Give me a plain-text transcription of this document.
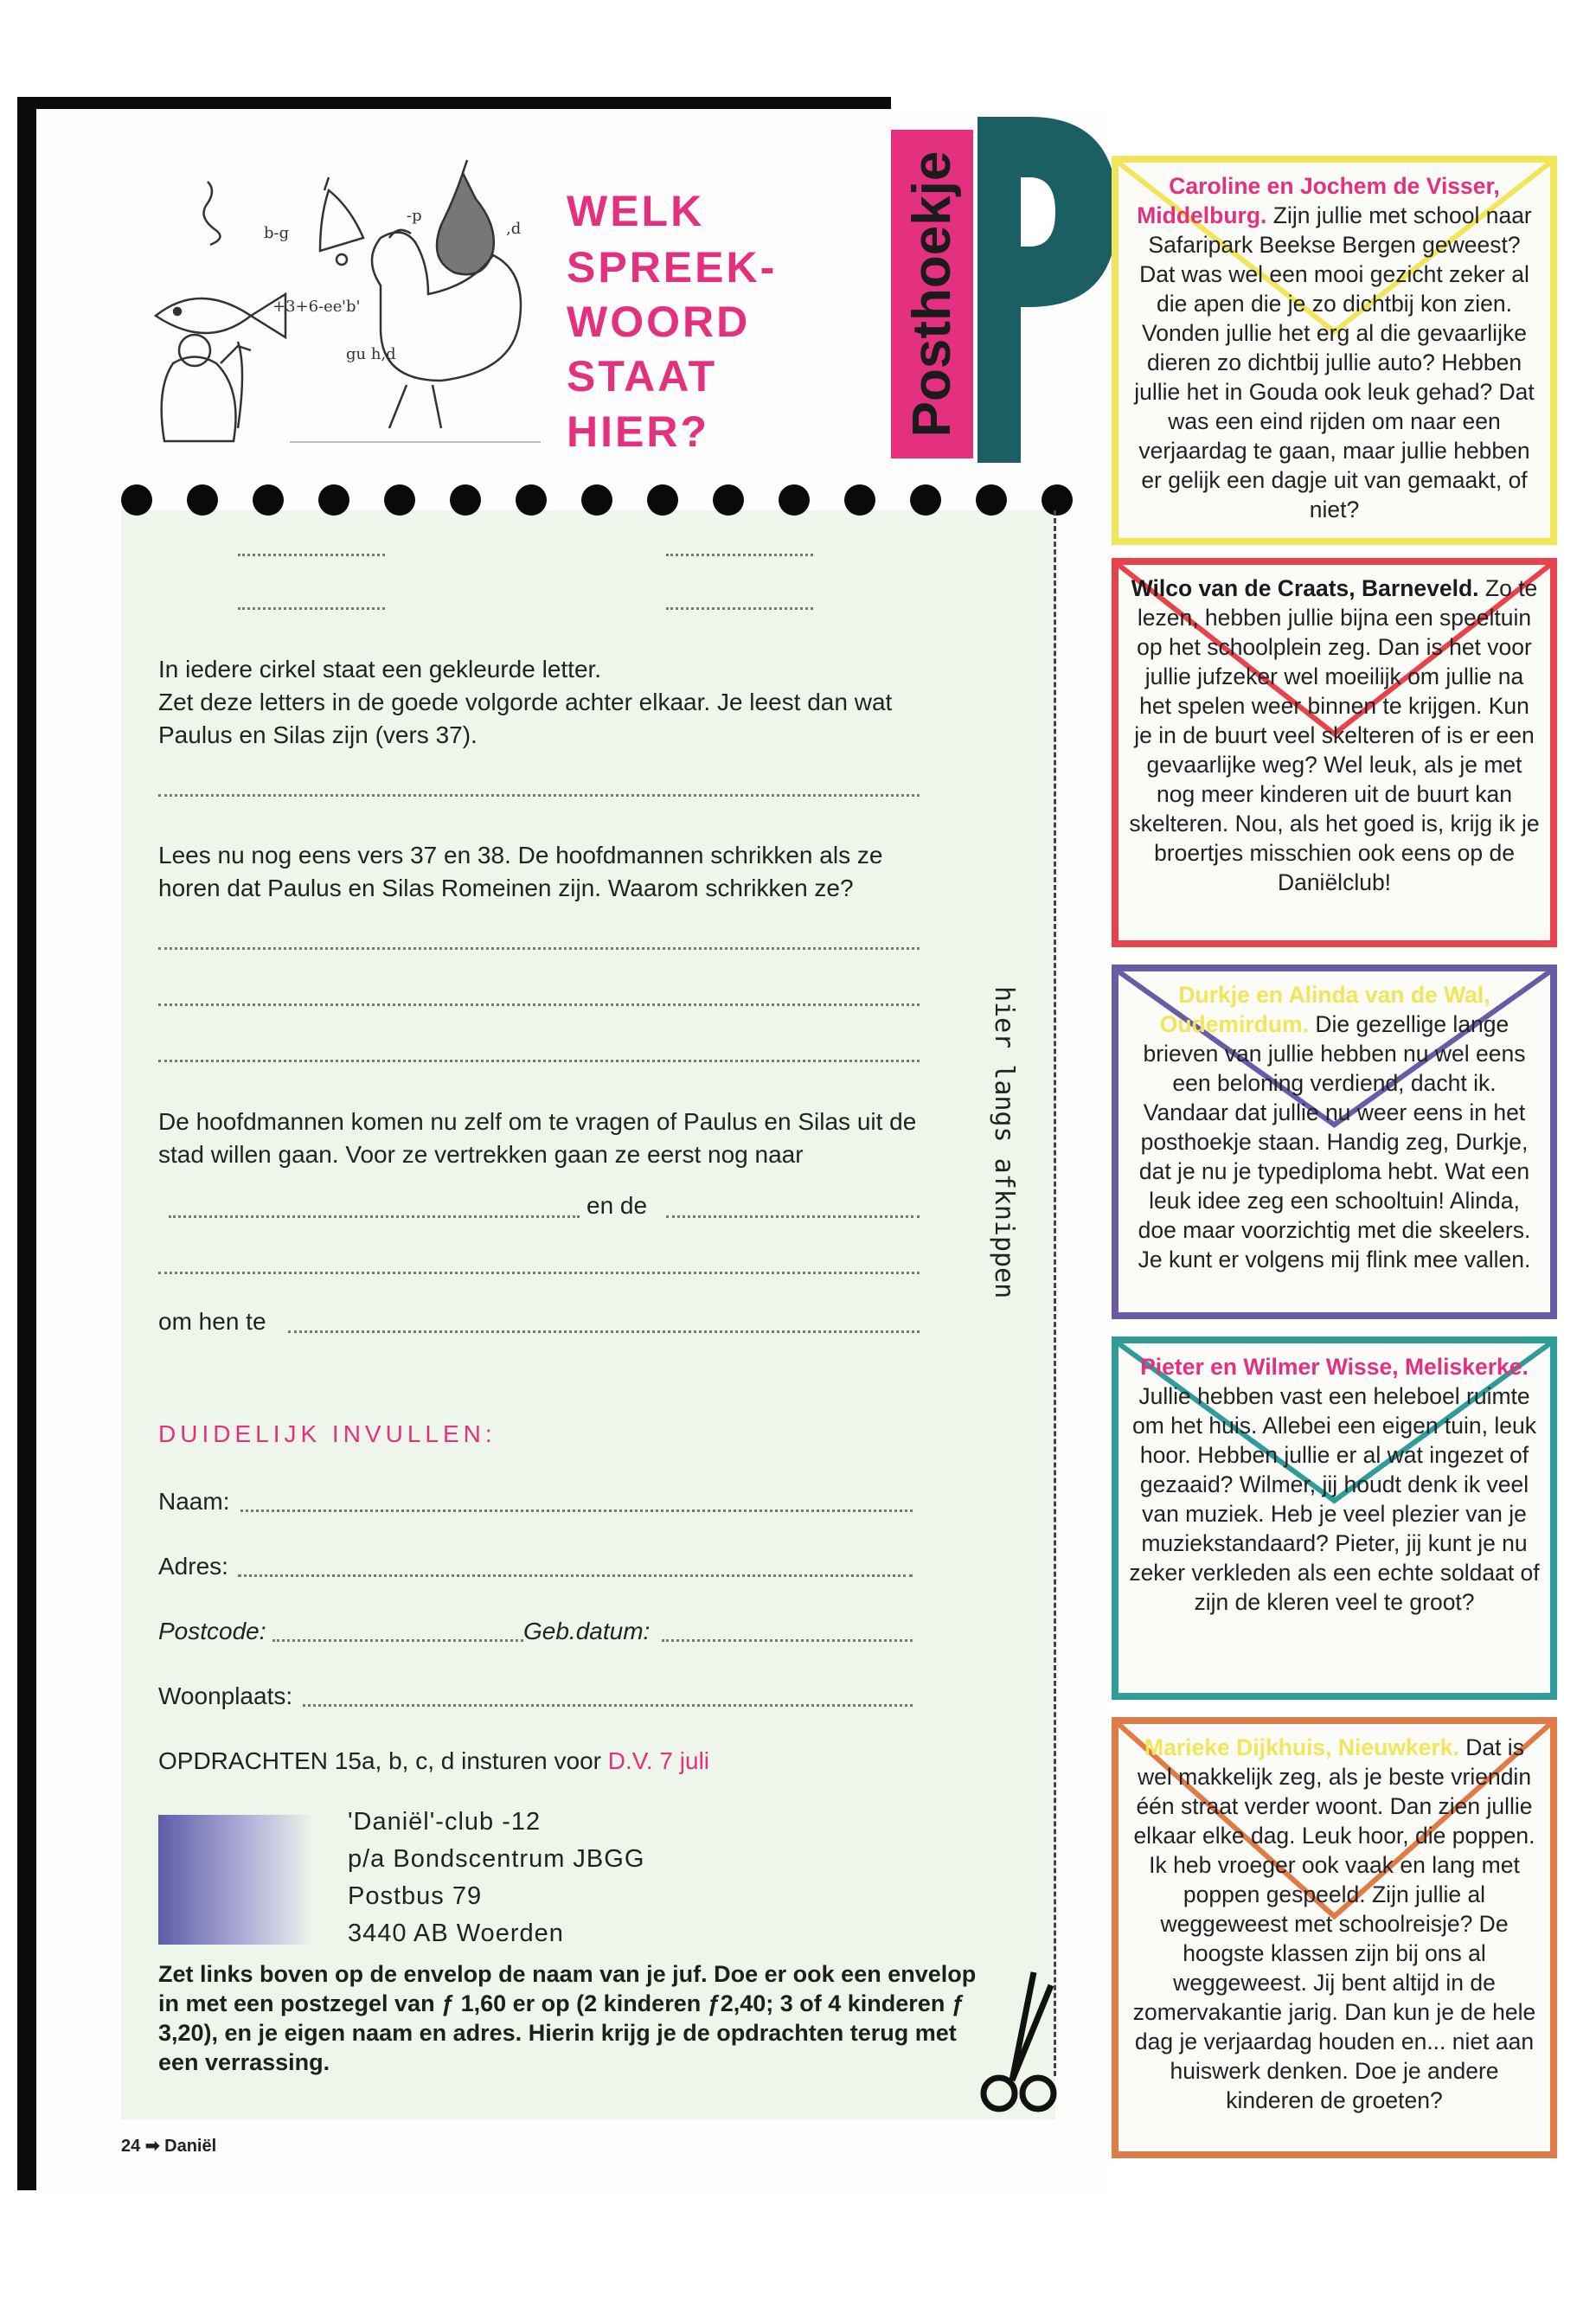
b-g
-p
,d
'b'
+3+6-ee
gu h,d
WELK
SPREEK-
WOORD
STAAT
HIER?
hier langs afknippen
In iedere cirkel staat een gekleurde letter.
Zet deze letters in de goede volgorde achter elkaar. Je leest dan wat Paulus en Silas zijn (vers 37).
Lees nu nog eens vers 37 en 38. De hoofdmannen schrikken als ze horen dat Paulus en Silas Romeinen zijn. Waarom schrikken ze?
De hoofdmannen komen nu zelf om te vragen of Paulus en Silas uit de stad willen gaan. Voor ze vertrekken gaan ze eerst nog naar
en de
om hen te
DUIDELIJK INVULLEN:
Naam:
Adres:
Postcode:	Geb.datum:
Woonplaats:
OPDRACHTEN 15a, b, c, d insturen voor D.V. 7 juli
'Daniël'-club -12
p/a Bondscentrum JBGG
Postbus 79
3440 AB Woerden
Zet links boven op de envelop de naam van je juf. Doe er ook een envelop in met een postzegel van ƒ 1,60 er op (2 kinderen ƒ2,40; 3 of 4 kinderen ƒ 3,20), en je eigen naam en adres. Hierin krijg je de opdrachten terug met een verrassing.
24 ➡ Daniël
Posthoekje	Caroline en Jochem de Visser, Middelburg. Zijn jullie met school naar Safaripark Beekse Bergen geweest? Dat was wel een mooi gezicht zeker al die apen die je zo dichtbij kon zien. Vonden jullie het erg al die gevaarlijke dieren zo dichtbij jullie auto? Hebben jullie het in Gouda ook leuk gehad? Dat was een eind rijden om naar een verjaardag te gaan, maar jullie hebben er gelijk een dagje uit van gemaakt, of niet?
Wilco van de Craats, Barneveld. Zo te lezen, hebben jullie bijna een speeltuin op het schoolplein zeg. Dan is het voor jullie jufzeker wel moeilijk om jullie na het spelen weer binnen te krijgen. Kun je in de buurt veel skelteren of is er een gevaarlijke weg? Wel leuk, als je met nog meer kinderen uit de buurt kan skelteren. Nou, als het goed is, krijg ik je broertjes misschien ook eens op de Daniëlclub!
Durkje en Alinda van de Wal, Oudemirdum. Die gezellige lange brieven van jullie hebben nu wel eens een beloning verdiend, dacht ik. Vandaar dat jullie nu weer eens in het posthoekje staan. Handig zeg, Durkje, dat je nu je typediploma hebt. Wat een leuk idee zeg een schooltuin! Alinda, doe maar voorzichtig met die skeelers. Je kunt er volgens mij flink mee vallen.
Pieter en Wilmer Wisse, Meliskerke. Jullie hebben vast een heleboel ruimte om het huis. Allebei een eigen tuin, leuk hoor. Hebben jullie er al wat ingezet of gezaaid? Wilmer, jij houdt denk ik veel van muziek. Heb je veel plezier van je muziekstandaard? Pieter, jij kunt je nu zeker verkleden als een echte soldaat of zijn de kleren veel te groot?
Marieke Dijkhuis, Nieuwkerk. Dat is wel makkelijk zeg, als je beste vriendin één straat verder woont. Dan zien jullie elkaar elke dag. Leuk hoor, die poppen. Ik heb vroeger ook vaak en lang met poppen gespeeld. Zijn jullie al weggeweest met schoolreisje? De hoogste klassen zijn bij ons al weggeweest. Jij bent altijd in de zomervakantie jarig. Dan kun je de hele dag je verjaardag houden en... niet aan huiswerk denken. Doe je andere kinderen de groeten?
